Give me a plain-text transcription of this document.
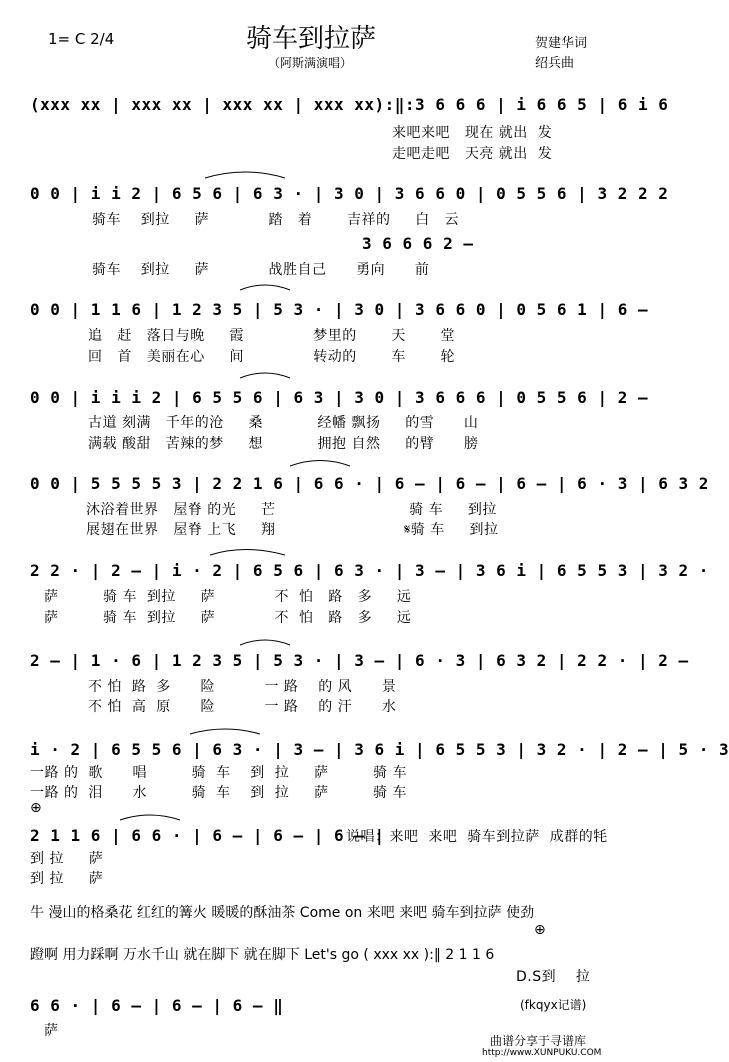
1= C 2/4	骑车到拉萨
（阿斯满演唱）
贺建华词
绍兵曲
(xxx xx | xxx xx | xxx xx | xxx xx):‖:3 6 6 6 | i 6 6 5 | 6 i 6
来吧来吧   现在 就出  发
走吧走吧   天亮 就出  发
0 0 | i i 2 | 6 5 6 | 6 3 · | 3 0 | 3 6 6 0 | 0 5 5 6 | 3 2 2 2
骑车    到拉     萨            踏   着       吉祥的     白   云
3 6 6 6 2 –
骑车    到拉     萨            战胜自己      勇向      前
0 0 | 1 1 6 | 1 2 3 5 | 5 3 · | 3 0 | 3 6 6 0 | 0 5 6 1 | 6 –
追   赶   落日与晚     霞              梦里的       天       堂
回   首   美丽在心     间              转动的       车       轮
0 0 | i i i 2 | 6 5 5 6 | 6 3 | 3 0 | 3 6 6 6 | 0 5 5 6 | 2 –
古道 刻满   千年的沧     桑           经幡 飘扬     的雪      山
满载 酸甜   苦辣的梦     想           拥抱 自然     的臂      膀
0 0 | 5 5 5 5 3 | 2 2 1 6 | 6 6 · | 6 – | 6 – | 6 – | 6 · 3 | 6 3 2
沐浴着世界   屋脊 的光     芒                           骑 车     到拉
展翅在世界   屋脊 上飞     翔                          𝄋骑 车     到拉
2 2 · | 2 – | i · 2 | 6 5 6 | 6 3 · | 3 – | 3 6 i | 6 5 5 3 | 3 2 ·
萨         骑 车  到拉     萨            不  怕   路   多     远
萨         骑 车  到拉     萨            不  怕   路   多     远
2 – | 1 · 6 | 1 2 3 5 | 5 3 · | 3 – | 6 · 3 | 6 3 2 | 2 2 · | 2 –
不 怕  路  多      险          一 路    的 风      景
不 怕  高  原      险          一 路    的 汗      水
i · 2 | 6 5 5 6 | 6 3 · | 3 – | 3 6 i | 6 5 5 3 | 3 2 · | 2 – | 5 · 3
一路 的  歌      唱         骑  车    到  拉     萨         骑 车
一路 的  泪      水         骑  车    到  拉     萨         骑 车
⊕
2 1 1 6 | 6 6 · | 6 – | 6 – | 6 – |
说唱：来吧  来吧  骑车到拉萨  成群的牦
到 拉     萨
到 拉     萨
牛 漫山的格桑花 红红的篝火 暖暖的酥油茶 Come on 来吧 来吧 骑车到拉萨 使劲
⊕
蹬啊 用力踩啊 万水千山 就在脚下 就在脚下 Let's go ( xxx xx ):‖ 2 1 1 6
D.S到    拉
6 6 · | 6 – | 6 – | 6 – ‖
萨
(fkqyx记谱)
曲谱分享于寻谱库
http://www.XUNPUKU.COM
